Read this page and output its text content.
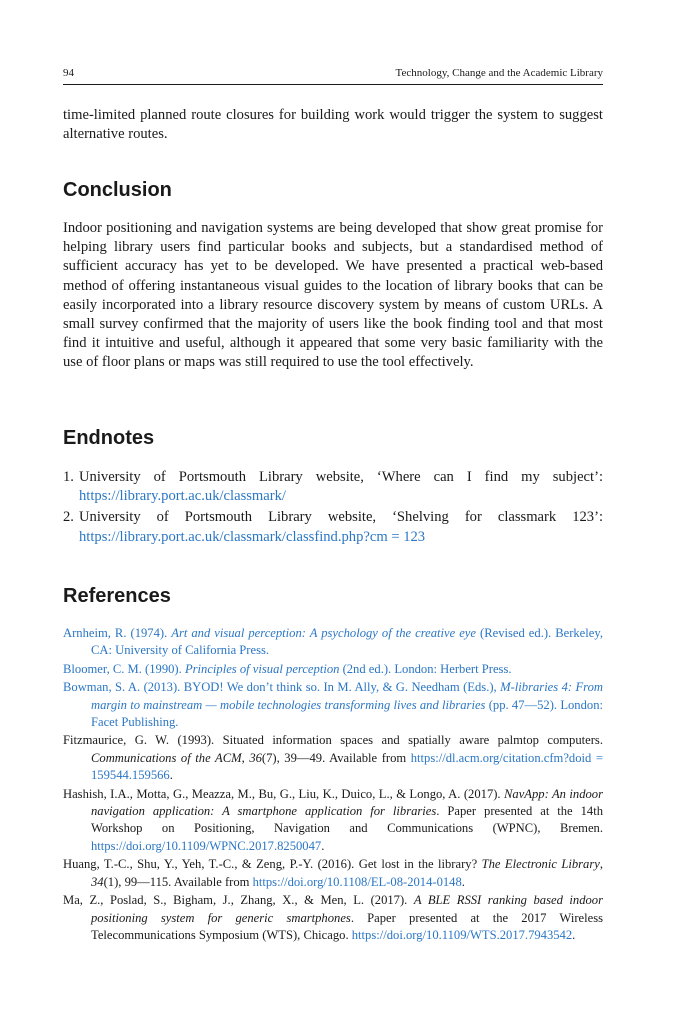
94	Technology, Change and the Academic Library

time-limited planned route closures for building work would trigger the system to suggest alternative routes.

Conclusion

Indoor positioning and navigation systems are being developed that show great promise for helping library users find particular books and subjects, but a standardised method of sufficient accuracy has yet to be developed. We have presented a practical web-based method of offering instantaneous visual guides to the location of library books that can be easily incorporated into a library resource discovery system by means of custom URLs. A small survey confirmed that the majority of users like the book finding tool and that most find it intuitive and useful, although it appeared that some very basic familiarity with the use of floor plans or maps was still required to use the tool effectively.

Endnotes

1. University of Portsmouth Library website, ‘Where can I find my subject’: https://library.port.ac.uk/classmark/

2. University of Portsmouth Library website, ‘Shelving for classmark 123’: https://library.port.ac.uk/classmark/classfind.php?cm = 123

References

Arnheim, R. (1974). Art and visual perception: A psychology of the creative eye (Revised ed.). Berkeley, CA: University of California Press.

Bloomer, C. M. (1990). Principles of visual perception (2nd ed.). London: Herbert Press.

Bowman, S. A. (2013). BYOD! We don’t think so. In M. Ally, & G. Needham (Eds.), M-libraries 4: From margin to mainstream — mobile technologies transforming lives and libraries (pp. 47—52). London: Facet Publishing.

Fitzmaurice, G. W. (1993). Situated information spaces and spatially aware palmtop computers. Communications of the ACM, 36(7), 39—49. Available from https://dl.acm.org/citation.cfm?doid = 159544.159566.

Hashish, I.A., Motta, G., Meazza, M., Bu, G., Liu, K., Duico, L., & Longo, A. (2017). NavApp: An indoor navigation application: A smartphone application for libraries. Paper presented at the 14th Workshop on Positioning, Navigation and Communications (WPNC), Bremen. https://doi.org/10.1109/WPNC.2017.8250047.

Huang, T.-C., Shu, Y., Yeh, T.-C., & Zeng, P.-Y. (2016). Get lost in the library? The Electronic Library, 34(1), 99—115. Available from https://doi.org/10.1108/EL-08-2014-0148.

Ma, Z., Poslad, S., Bigham, J., Zhang, X., & Men, L. (2017). A BLE RSSI ranking based indoor positioning system for generic smartphones. Paper presented at the 2017 Wireless Telecommunications Symposium (WTS), Chicago. https://doi.org/10.1109/WTS.2017.7943542.
